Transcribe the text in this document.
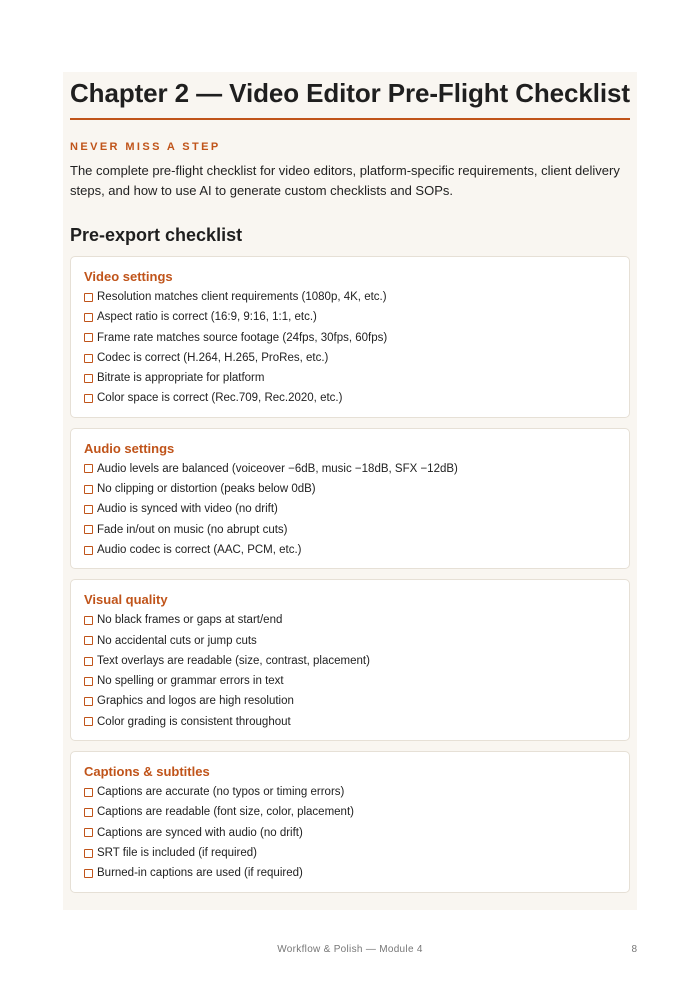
Chapter 2 — Video Editor Pre-Flight Checklist
NEVER MISS A STEP

The complete pre-flight checklist for video editors, platform-specific requirements, client delivery steps, and how to use AI to generate custom checklists and SOPs.

Pre-export checklist
Video settings
Resolution matches client requirements (1080p, 4K, etc.)
Aspect ratio is correct (16:9, 9:16, 1:1, etc.)
Frame rate matches source footage (24fps, 30fps, 60fps)
Codec is correct (H.264, H.265, ProRes, etc.)
Bitrate is appropriate for platform
Color space is correct (Rec.709, Rec.2020, etc.)
Audio settings
Audio levels are balanced (voiceover −6dB, music −18dB, SFX −12dB)
No clipping or distortion (peaks below 0dB)
Audio is synced with video (no drift)
Fade in/out on music (no abrupt cuts)
Audio codec is correct (AAC, PCM, etc.)
Visual quality
No black frames or gaps at start/end
No accidental cuts or jump cuts
Text overlays are readable (size, contrast, placement)
No spelling or grammar errors in text
Graphics and logos are high resolution
Color grading is consistent throughout
Captions & subtitles
Captions are accurate (no typos or timing errors)
Captions are readable (font size, color, placement)
Captions are synced with audio (no drift)
SRT file is included (if required)
Burned-in captions are used (if required)
Workflow & Polish — Module 4	8
